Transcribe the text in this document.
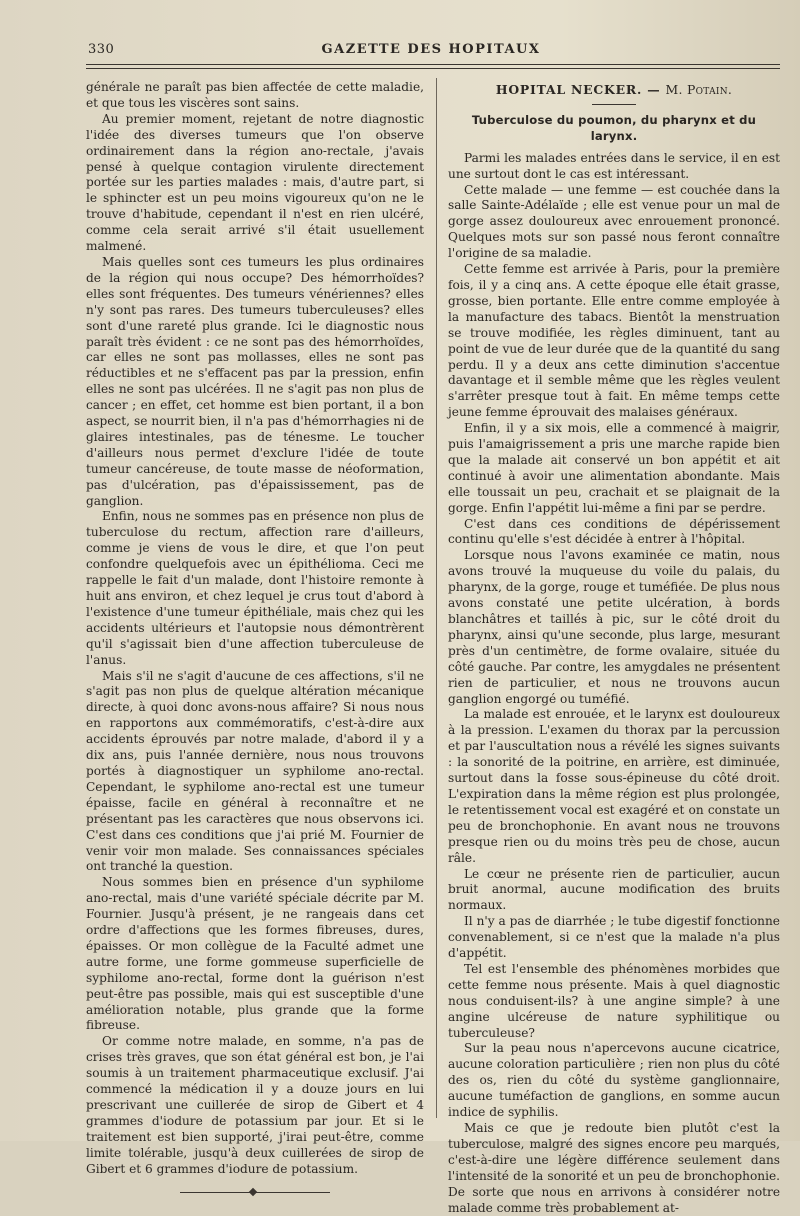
330	GAZETTE DES HOPITAUX

générale ne paraît pas bien affectée de cette maladie, et que tous les viscères sont sains.

Au premier moment, rejetant de notre diagnostic l'idée des diverses tumeurs que l'on observe ordinairement dans la région ano-rectale, j'avais pensé à quelque contagion virulente directement portée sur les parties malades : mais, d'autre part, si le sphincter est un peu moins vigoureux qu'on ne le trouve d'habitude, cependant il n'est en rien ulcéré, comme cela serait arrivé s'il était usuellement malmené.

Mais quelles sont ces tumeurs les plus ordinaires de la région qui nous occupe? Des hémorrhoïdes? elles sont fréquentes. Des tumeurs vénériennes? elles n'y sont pas rares. Des tumeurs tuberculeuses? elles sont d'une rareté plus grande. Ici le diagnostic nous paraît très évident : ce ne sont pas des hémorrhoïdes, car elles ne sont pas mollasses, elles ne sont pas réductibles et ne s'effacent pas par la pression, enfin elles ne sont pas ulcérées. Il ne s'agit pas non plus de cancer ; en effet, cet homme est bien portant, il a bon aspect, se nourrit bien, il n'a pas d'hémorrhagies ni de glaires intestinales, pas de ténesme. Le toucher d'ailleurs nous permet d'exclure l'idée de toute tumeur cancéreuse, de toute masse de néoformation, pas d'ulcération, pas d'épaississement, pas de ganglion.

Enfin, nous ne sommes pas en présence non plus de tuberculose du rectum, affection rare d'ailleurs, comme je viens de vous le dire, et que l'on peut confondre quelquefois avec un épithélioma. Ceci me rappelle le fait d'un malade, dont l'histoire remonte à huit ans environ, et chez lequel je crus tout d'abord à l'existence d'une tumeur épithéliale, mais chez qui les accidents ultérieurs et l'autopsie nous démontrèrent qu'il s'agissait bien d'une affection tuberculeuse de l'anus.

Mais s'il ne s'agit d'aucune de ces affections, s'il ne s'agit pas non plus de quelque altération mécanique directe, à quoi donc avons-nous affaire? Si nous nous en rapportons aux commémoratifs, c'est-à-dire aux accidents éprouvés par notre malade, d'abord il y a dix ans, puis l'année dernière, nous nous trouvons portés à diagnostiquer un syphilome ano-rectal. Cependant, le syphilome ano-rectal est une tumeur épaisse, facile en général à reconnaître et ne présentant pas les caractères que nous observons ici. C'est dans ces conditions que j'ai prié M. Fournier de venir voir mon malade. Ses connaissances spéciales ont tranché la question.

Nous sommes bien en présence d'un syphilome ano-rectal, mais d'une variété spéciale décrite par M. Fournier. Jusqu'à présent, je ne rangeais dans cet ordre d'affections que les formes fibreuses, dures, épaisses. Or mon collègue de la Faculté admet une autre forme, une forme gommeuse superficielle de syphilome ano-rectal, forme dont la guérison n'est peut-être pas possible, mais qui est susceptible d'une amélioration notable, plus grande que la forme fibreuse.

Or comme notre malade, en somme, n'a pas de crises très graves, que son état général est bon, je l'ai soumis à un traitement pharmaceutique exclusif. J'ai commencé la médication il y a douze jours en lui prescrivant une cuillerée de sirop de Gibert et 4 grammes d'iodure de potassium par jour. Et si le traitement est bien supporté, j'irai peut-être, comme limite tolérable, jusqu'à deux cuillerées de sirop de Gibert et 6 grammes d'iodure de potassium.

HOPITAL NECKER. — M. Potain.
Tuberculose du poumon, du pharynx et du larynx.

Parmi les malades entrées dans le service, il en est une surtout dont le cas est intéressant.

Cette malade — une femme — est couchée dans la salle Sainte-Adélaïde ; elle est venue pour un mal de gorge assez douloureux avec enrouement prononcé. Quelques mots sur son passé nous feront connaître l'origine de sa maladie.

Cette femme est arrivée à Paris, pour la première fois, il y a cinq ans. A cette époque elle était grasse, grosse, bien portante. Elle entre comme employée à la manufacture des tabacs. Bientôt la menstruation se trouve modifiée, les règles diminuent, tant au point de vue de leur durée que de la quantité du sang perdu. Il y a deux ans cette diminution s'accentue davantage et il semble même que les règles veulent s'arrêter presque tout à fait. En même temps cette jeune femme éprouvait des malaises généraux.

Enfin, il y a six mois, elle a commencé à maigrir, puis l'amaigrissement a pris une marche rapide bien que la malade ait conservé un bon appétit et ait continué à avoir une alimentation abondante. Mais elle toussait un peu, crachait et se plaignait de la gorge. Enfin l'appétit lui-même a fini par se perdre.

C'est dans ces conditions de dépérissement continu qu'elle s'est décidée à entrer à l'hôpital.

Lorsque nous l'avons examinée ce matin, nous avons trouvé la muqueuse du voile du palais, du pharynx, de la gorge, rouge et tuméfiée. De plus nous avons constaté une petite ulcération, à bords blanchâtres et taillés à pic, sur le côté droit du pharynx, ainsi qu'une seconde, plus large, mesurant près d'un centimètre, de forme ovalaire, située du côté gauche. Par contre, les amygdales ne présentent rien de particulier, et nous ne trouvons aucun ganglion engorgé ou tuméfié.

La malade est enrouée, et le larynx est douloureux à la pression. L'examen du thorax par la percussion et par l'auscultation nous a révélé les signes suivants : la sonorité de la poitrine, en arrière, est diminuée, surtout dans la fosse sous-épineuse du côté droit. L'expiration dans la même région est plus prolongée, le retentissement vocal est exagéré et on constate un peu de bronchophonie. En avant nous ne trouvons presque rien ou du moins très peu de chose, aucun râle.

Le cœur ne présente rien de particulier, aucun bruit anormal, aucune modification des bruits normaux.

Il n'y a pas de diarrhée ; le tube digestif fonctionne convenablement, si ce n'est que la malade n'a plus d'appétit.

Tel est l'ensemble des phénomènes morbides que cette femme nous présente. Mais à quel diagnostic nous conduisent-ils? à une angine simple? à une angine ulcéreuse de nature syphilitique ou tuberculeuse?

Sur la peau nous n'apercevons aucune cicatrice, aucune coloration particulière ; rien non plus du côté des os, rien du côté du système ganglionnaire, aucune tuméfaction de ganglions, en somme aucun indice de syphilis.

Mais ce que je redoute bien plutôt c'est la tuberculose, malgré des signes encore peu marqués, c'est-à-dire une légère différence seulement dans l'intensité de la sonorité et un peu de bronchophonie. De sorte que nous en arrivons à considérer notre malade comme très probablement at-
